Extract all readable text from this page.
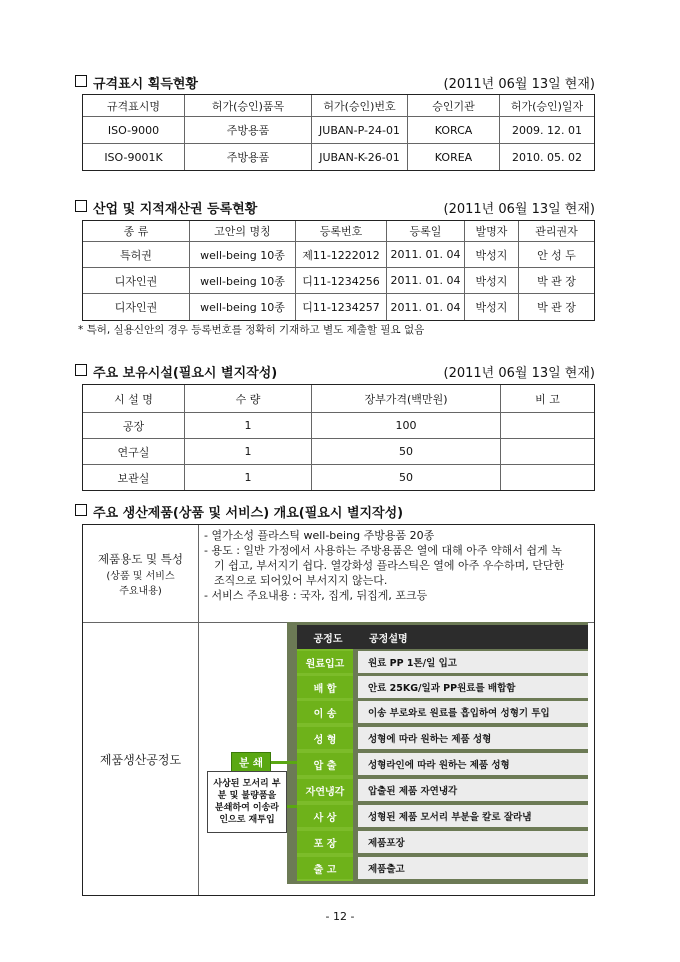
규격표시 획득현황	(2011년 06월 13일 현재)
규격표시명	허가(승인)품목	허가(승인)번호	승인기관	허가(승인)일자
ISO-9000	주방용품	JUBAN-P-24-01	KORCA	2009. 12. 01
ISO-9001K	주방용품	JUBAN-K-26-01	KOREA	2010. 05. 02
산업 및 지적재산권 등록현황	(2011년 06월 13일 현재)
종 류	고안의 명칭	등록번호	등록일	발명자	관리권자
특허권	well-being 10종	제11-1222012 2011. 01. 04	박성지	안 성 두
디자인권	well-being 10종	디11-1234256 2011. 01. 04	박성지	박 관 장
디자인권	well-being 10종	디11-1234257 2011. 01. 04	박성지	박 관 장
* 특허, 실용신안의 경우 등록번호를 정확히 기재하고 별도 제출할 필요 없음
주요 보유시설(필요시 별지작성)	(2011년 06월 13일 현재)
시 설 명	수 량	장부가격(백만원)	비 고
공장	1	100
연구실	1	50
보관실	1	50
주요 생산제품(상품 및 서비스) 개요(필요시 별지작성)
제품용도 및 특성
(상품 및 서비스
주요내용)
- 열가소성 플라스틱 well-being 주방용품 20종
- 용도 : 일반 가정에서 사용하는 주방용품은 열에 대해 아주 약해서 쉽게 녹
기 쉽고, 부서지기 쉽다. 열강화성 플라스틱은 열에 아주 우수하며, 단단한
조직으로 되어있어 부서지지 않는다.
- 서비스 주요내용 : 국자, 집게, 뒤집게, 포크등
제품생산공정도
공정도	공정설명
원료입고	원료 PP 1톤/일 입고
배 합	안료 25KG/일과 PP원료를 배합함
이 송	이송 부로와로 원료를 흡입하여 성형기 투입
성 형	성형에 따라 원하는 제품 성형
압 출	성형라인에 따라 원하는 제품 성형
자연냉각	압출된 제품 자연냉각
사 상	성형된 제품 모서리 부분을 칼로 잘라냄
포 장	제품포장
출 고	제품출고
분 쇄
사상된 모서리 부
분 및 불량품을
분쇄하여 이송라
인으로 재투입
- 12 -
